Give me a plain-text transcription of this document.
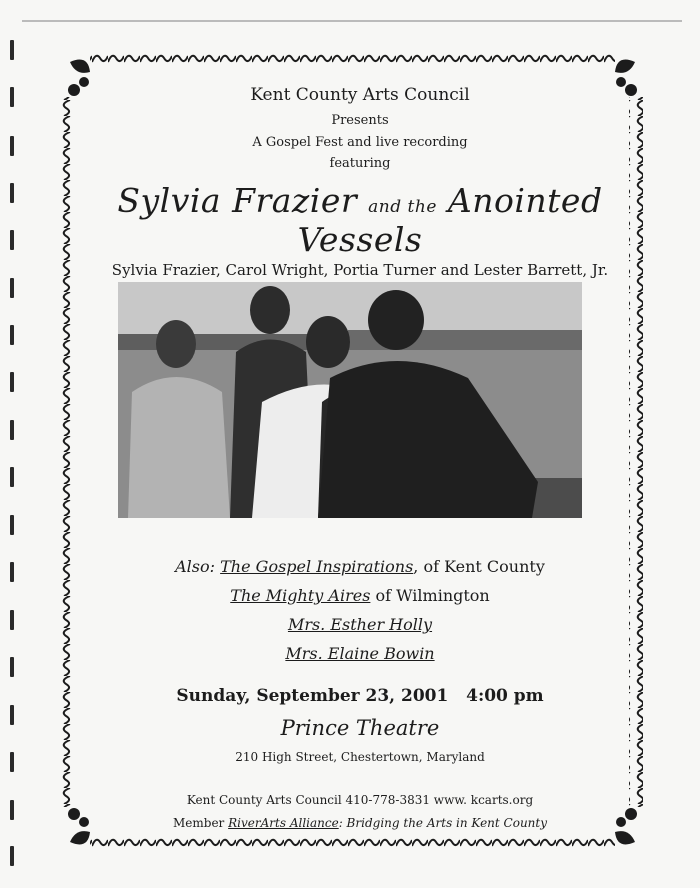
Kent County Arts Council
Presents
A Gospel Fest and live recording
featuring
Sylvia Frazier and the Anointed Vessels
Sylvia Frazier, Carol Wright, Portia Turner and Lester Barrett, Jr.
Also: The Gospel Inspirations, of Kent County
The Mighty Aires of Wilmington
Mrs. Esther Holly
Mrs. Elaine Bowin
Sunday, September 23, 2001 4:00 pm
Prince Theatre
210 High Street, Chestertown, Maryland
Kent County Arts Council 410-778-3831 www. kcarts.org
Member RiverArts Alliance: Bridging the Arts in Kent County
